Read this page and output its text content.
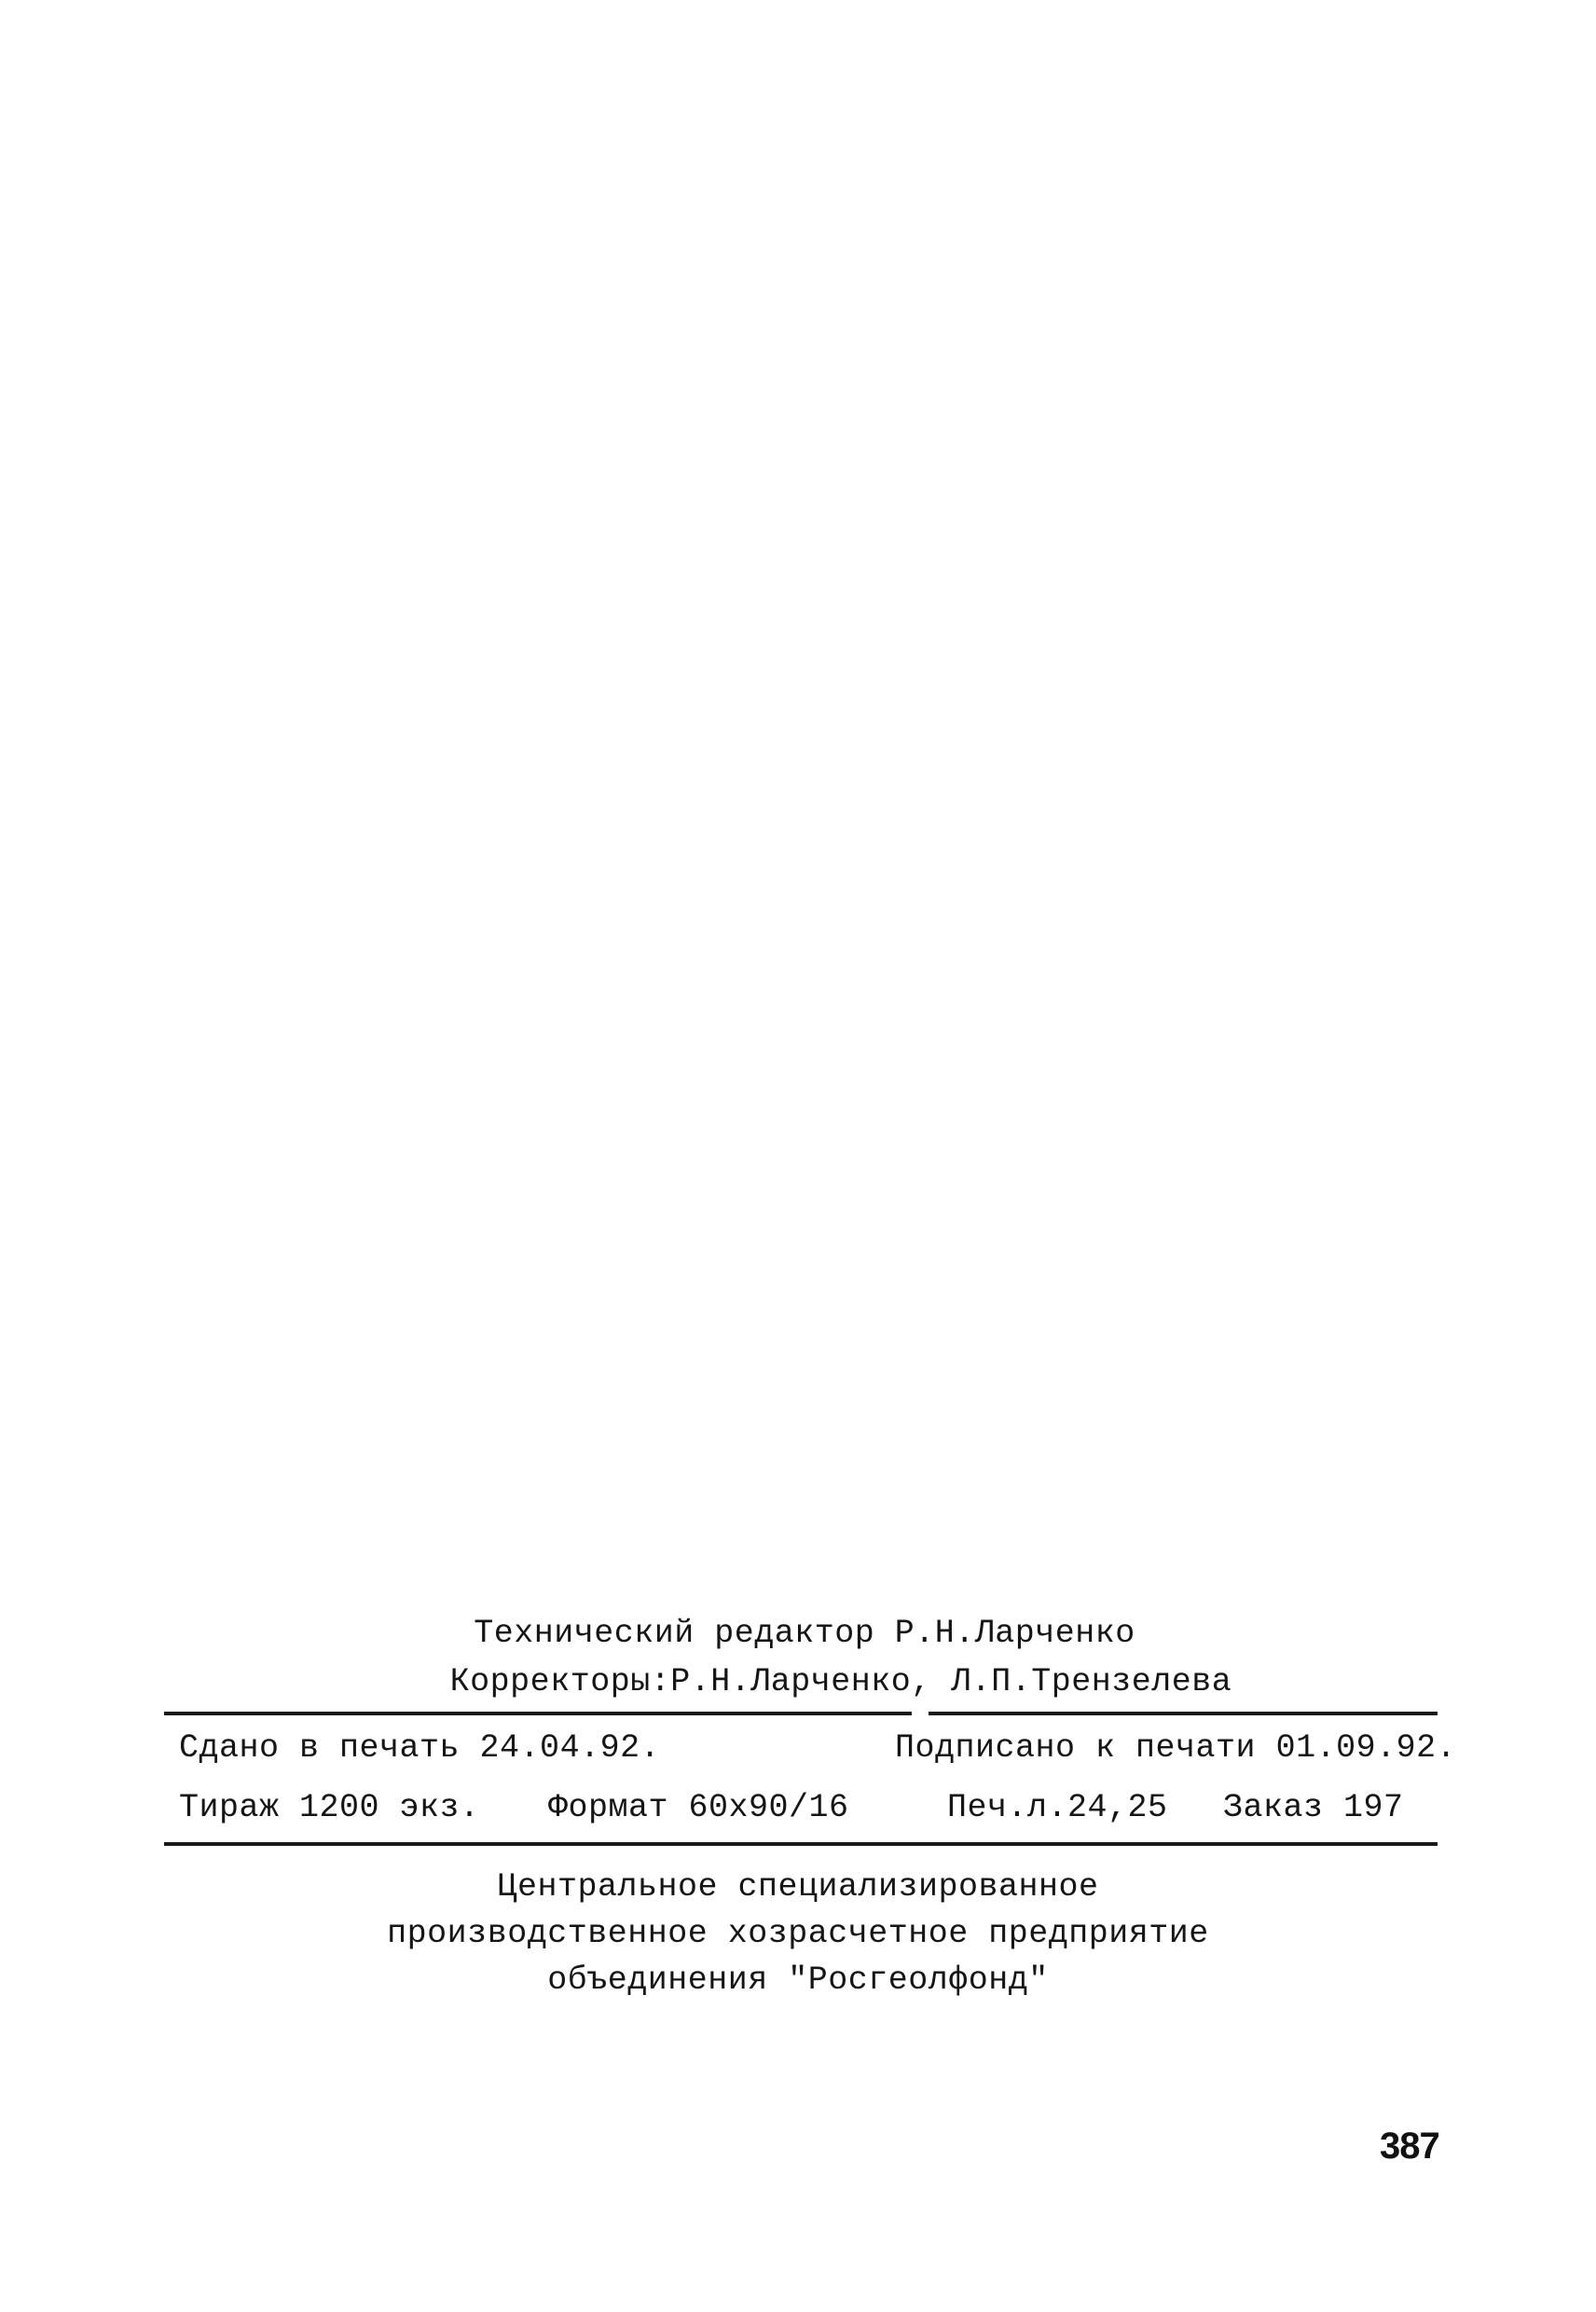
Технический редактор Р.Н.Ларченко
Корректоры:Р.Н.Ларченко, Л.П.Трензелева
Сдано в печать 24.04.92.	Подписано к печати 01.09.92.
Тираж 1200 экз. Формат 60х90/16	Печ.л.24,25 Заказ 197
Центральное специализированное
производственное хозрасчетное предприятие
объединения "Росгеолфонд"
387
